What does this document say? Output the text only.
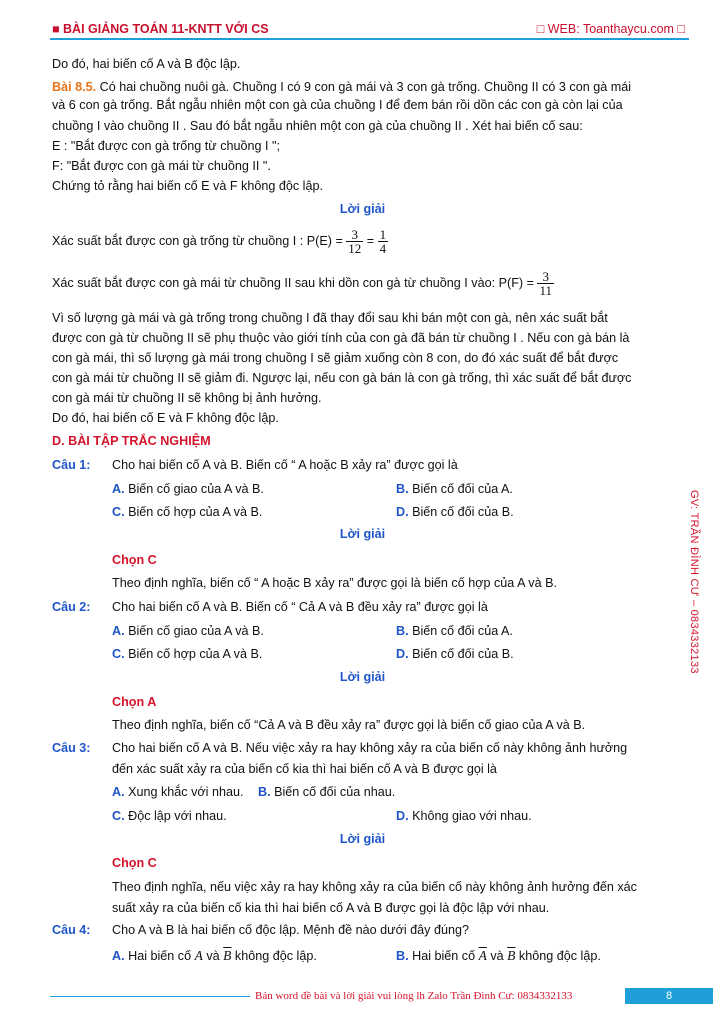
■ BÀI GIẢNG TOÁN 11-KNTT VỚI CS	□ WEB: Toanthaycu.com □
GV: TRẦN ĐÌNH CƯ – 0834332133
Do đó, hai biến cố A và B độc lập.
Bài 8.5. Có hai chuồng nuôi gà. Chuồng I có 9 con gà mái và 3 con gà trống. Chuồng II có 3 con gà mái
và 6 con gà trống. Bắt ngẫu nhiên một con gà của chuồng I để đem bán rồi dồn các con gà còn lại của
chuồng I vào chuồng II . Sau đó bắt ngẫu nhiên một con gà của chuồng II . Xét hai biến cố sau:
E : "Bắt được con gà trống từ chuồng I ";
F: "Bắt được con gà mái từ chuồng II ".
Chứng tỏ rằng hai biến cố E và F không độc lập.
Lời giải
Xác suất bắt được con gà trống từ chuồng I : $P(E) = \frac{3}{12} = \frac{1}{4}$
Xác suất bắt được con gà mái từ chuồng II sau khi dồn con gà từ chuồng I vào: $P(F) = \frac{3}{11}$
Vì số lượng gà mái và gà trống trong chuồng I đã thay đổi sau khi bán một con gà, nên xác suất bắt
được con gà từ chuồng II sẽ phụ thuộc vào giới tính của con gà đã bán từ chuồng I . Nếu con gà bán là
con gà mái, thì số lượng gà mái trong chuồng I sẽ giảm xuống còn 8 con, do đó xác suất để bắt được
con gà mái từ chuồng II sẽ giảm đi. Ngược lại, nếu con gà bán là con gà trống, thì xác suất để bắt được
con gà mái từ chuồng II sẽ không bị ảnh hưởng.
Do đó, hai biến cố E và F không độc lập.
D. BÀI TẬP TRẮC NGHIỆM
Câu 1: Cho hai biến cố A và B. Biến cố “ A hoặc B xảy ra” được gọi là
A. Biến cố giao của A và B.	B. Biến cố đối của A.
C. Biến cố hợp của A và B.	D. Biến cố đối của B.
Lời giải
Chọn C
Theo định nghĩa, biến cố “ A hoặc B xảy ra” được gọi là biến cố hợp của A và B.
Câu 2: Cho hai biến cố A và B. Biến cố “ Cả A và B đều xảy ra” được gọi là
A. Biến cố giao của A và B.	B. Biến cố đối của A.
C. Biến cố hợp của A và B.	D. Biến cố đối của B.
Lời giải
Chọn A
Theo định nghĩa, biến cố “Cả A và B đều xảy ra” được gọi là biến cố giao của A và B.
Câu 3: Cho hai biến cố A và B. Nếu việc xảy ra hay không xảy ra của biến cố này không ảnh hưởng
đến xác suất xảy ra của biến cố kia thì hai biến cố A và B được gọi là
A. Xung khắc với nhau. B. Biến cố đối của nhau.
C. Độc lập với nhau.	D. Không giao với nhau.
Lời giải
Chọn C
Theo định nghĩa, nếu việc xảy ra hay không xảy ra của biến cố này không ảnh hưởng đến xác
suất xảy ra của biến cố kia thì hai biến cố A và B được gọi là độc lập với nhau.
Câu 4: Cho A và B là hai biến cố độc lập. Mệnh đề nào dưới đây đúng?
A. Hai biến cố A và $\overline{B}$ không độc lập.	B. Hai biến cố $\overline{A}$ và $\overline{B}$ không độc lập.
Bản word đề bài và lời giải vui lòng lh Zalo Trần Đình Cư: 0834332133	8
